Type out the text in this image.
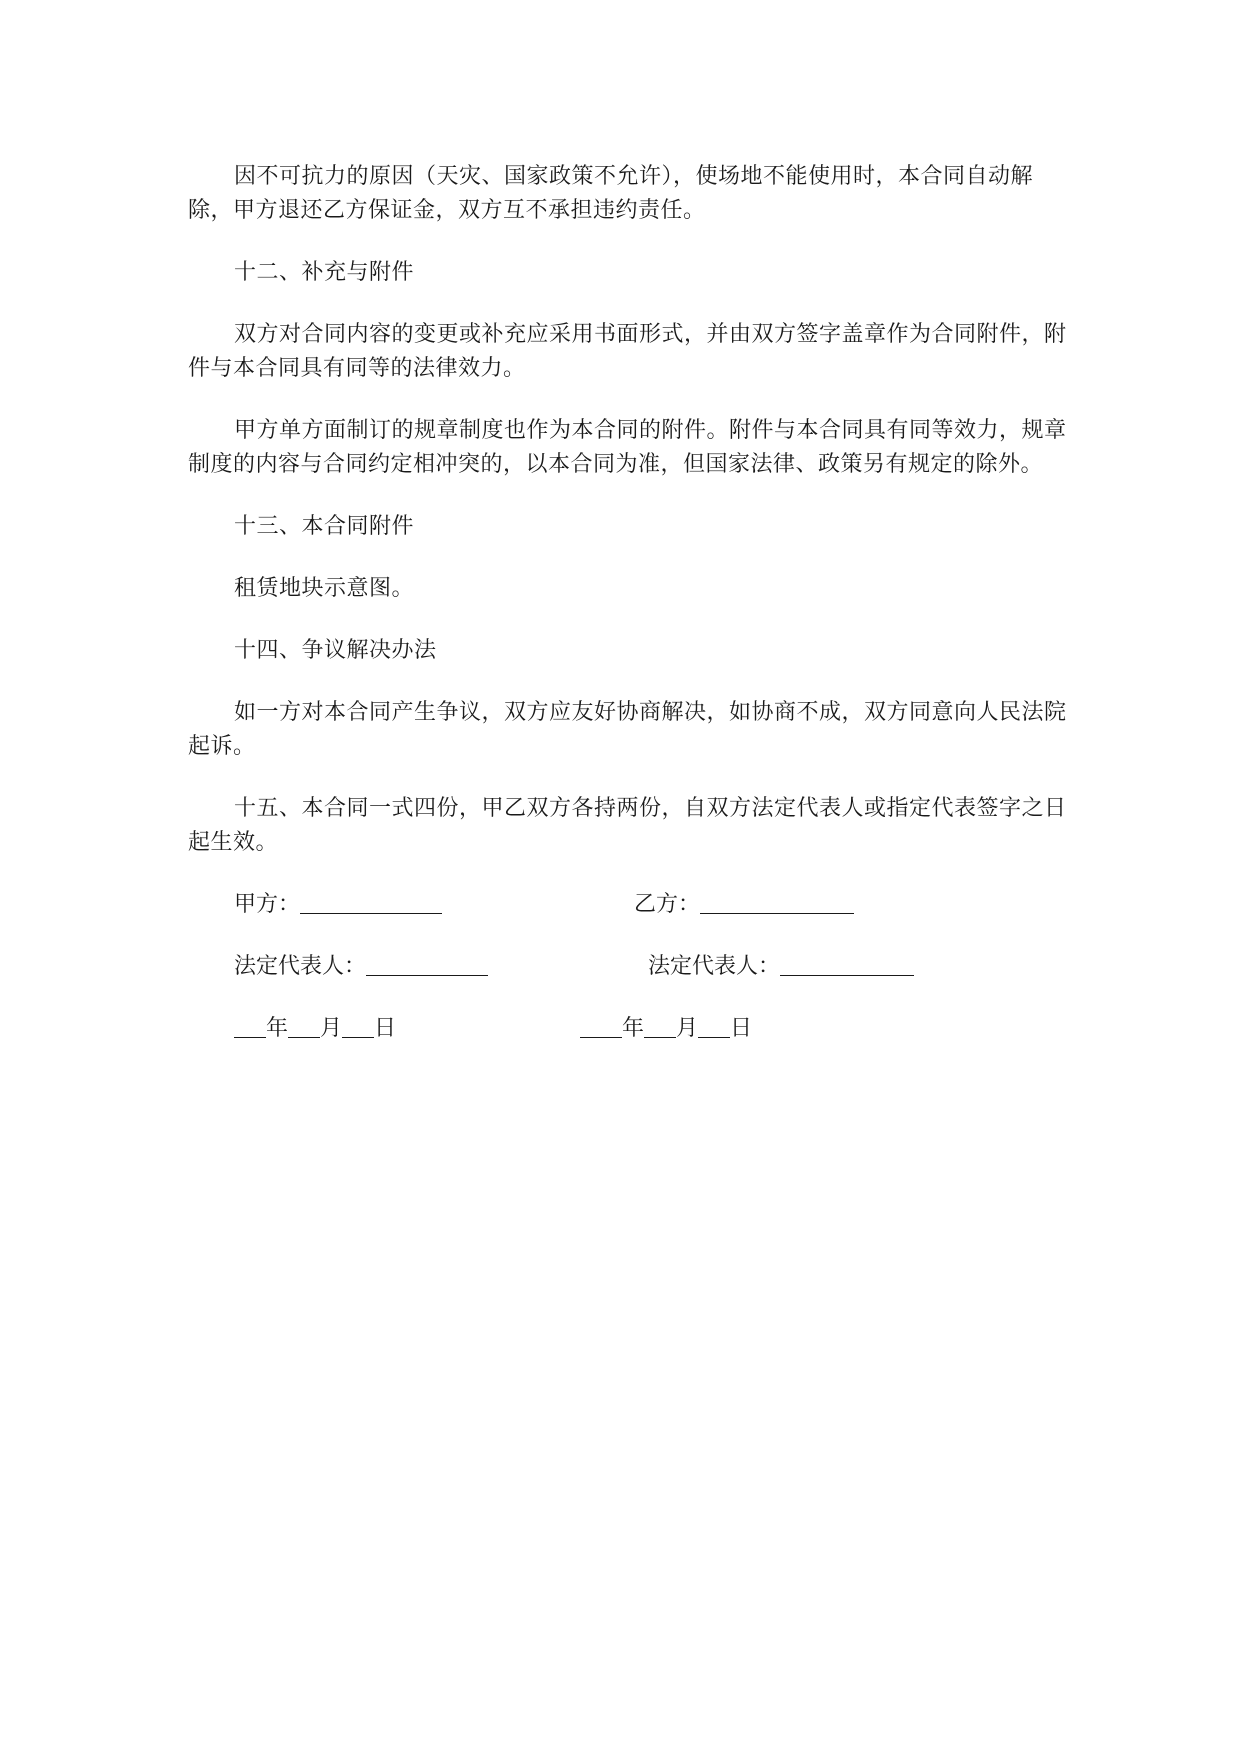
因不可抗力的原因（天灾、国家政策不允许），使场地不能使用时，本合同自动解除，甲方退还乙方保证金，双方互不承担违约责任。

十二、补充与附件

双方对合同内容的变更或补充应采用书面形式，并由双方签字盖章作为合同附件，附件与本合同具有同等的法律效力。

甲方单方面制订的规章制度也作为本合同的附件。附件与本合同具有同等效力，规章制度的内容与合同约定相冲突的，以本合同为准，但国家法律、政策另有规定的除外。

十三、本合同附件

租赁地块示意图。

十四、争议解决办法

如一方对本合同产生争议，双方应友好协商解决，如协商不成，双方同意向人民法院起诉。

十五、本合同一式四份，甲乙双方各持两份，自双方法定代表人或指定代表签字之日起生效。

甲方：	乙方：
法定代表人：	法定代表人：
年 月 日	年 月 日
